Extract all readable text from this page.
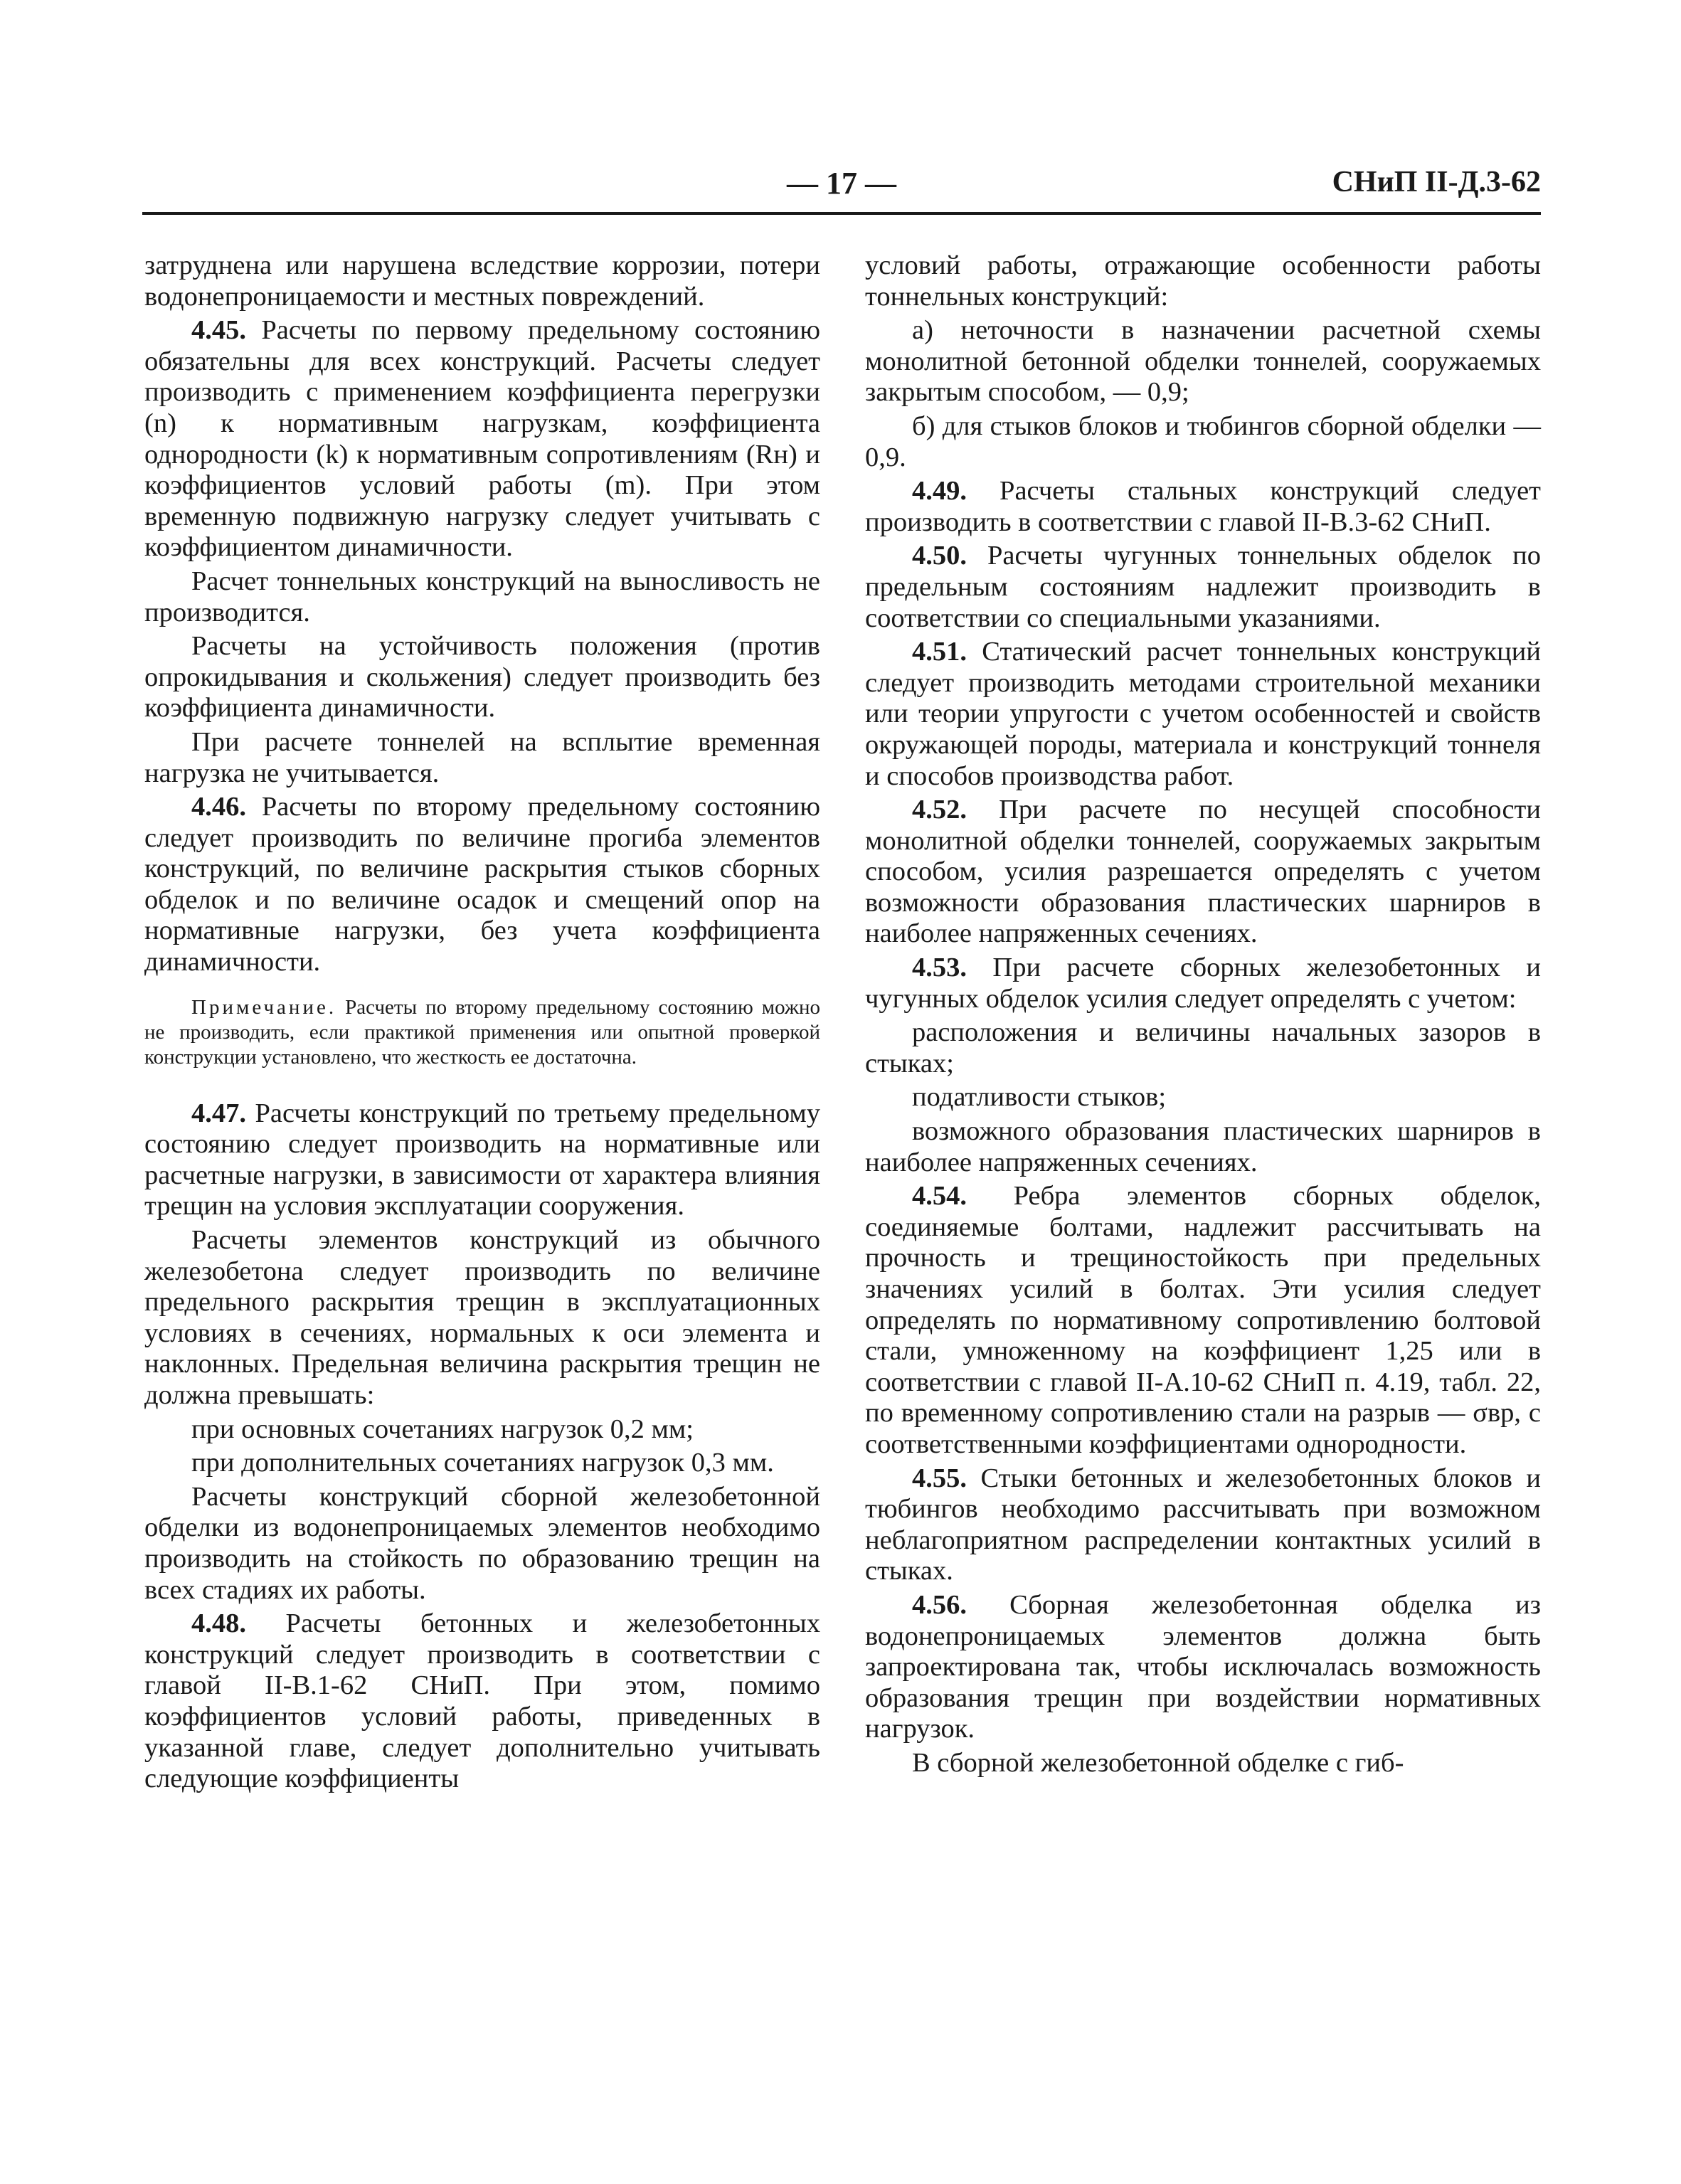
— 17 —	СНиП II-Д.3-62

затруднена или нарушена вследствие коррозии, потери водонепроницаемости и местных повреждений.

4.45. Расчеты по первому предельному состоянию обязательны для всех конструкций. Расчеты следует производить с применением коэффициента перегрузки (n) к нормативным нагрузкам, коэффициента однородности (k) к нормативным сопротивлениям (Rн) и коэффициентов условий работы (m). При этом временную подвижную нагрузку следует учитывать с коэффициентом динамичности.

Расчет тоннельных конструкций на выносливость не производится.

Расчеты на устойчивость положения (против опрокидывания и скольжения) следует производить без коэффициента динамичности.

При расчете тоннелей на всплытие временная нагрузка не учитывается.

4.46. Расчеты по второму предельному состоянию следует производить по величине прогиба элементов конструкций, по величине раскрытия стыков сборных обделок и по величине осадок и смещений опор на нормативные нагрузки, без учета коэффициента динамичности.

Примечание. Расчеты по второму предельному состоянию можно не производить, если практикой применения или опытной проверкой конструкции установлено, что жесткость ее достаточна.

4.47. Расчеты конструкций по третьему предельному состоянию следует производить на нормативные или расчетные нагрузки, в зависимости от характера влияния трещин на условия эксплуатации сооружения.

Расчеты элементов конструкций из обычного железобетона следует производить по величине предельного раскрытия трещин в эксплуатационных условиях в сечениях, нормальных к оси элемента и наклонных. Предельная величина раскрытия трещин не должна превышать:

при основных сочетаниях нагрузок 0,2 мм;

при дополнительных сочетаниях нагрузок 0,3 мм.

Расчеты конструкций сборной железобетонной обделки из водонепроницаемых элементов необходимо производить на стойкость по образованию трещин на всех стадиях их работы.

4.48. Расчеты бетонных и железобетонных конструкций следует производить в соответствии с главой II-В.1-62 СНиП. При этом, помимо коэффициентов условий работы, приведенных в указанной главе, следует дополнительно учитывать следующие коэффициенты

условий работы, отражающие особенности работы тоннельных конструкций:

а) неточности в назначении расчетной схемы монолитной бетонной обделки тоннелей, сооружаемых закрытым способом, — 0,9;

б) для стыков блоков и тюбингов сборной обделки — 0,9.

4.49. Расчеты стальных конструкций следует производить в соответствии с главой II-В.3-62 СНиП.

4.50. Расчеты чугунных тоннельных обделок по предельным состояниям надлежит производить в соответствии со специальными указаниями.

4.51. Статический расчет тоннельных конструкций следует производить методами строительной механики или теории упругости с учетом особенностей и свойств окружающей породы, материала и конструкций тоннеля и способов производства работ.

4.52. При расчете по несущей способности монолитной обделки тоннелей, сооружаемых закрытым способом, усилия разрешается определять с учетом возможности образования пластических шарниров в наиболее напряженных сечениях.

4.53. При расчете сборных железобетонных и чугунных обделок усилия следует определять с учетом:

расположения и величины начальных зазоров в стыках;

податливости стыков;

возможного образования пластических шарниров в наиболее напряженных сечениях.

4.54. Ребра элементов сборных обделок, соединяемые болтами, надлежит рассчитывать на прочность и трещиностойкость при предельных значениях усилий в болтах. Эти усилия следует определять по нормативному сопротивлению болтовой стали, умноженному на коэффициент 1,25 или в соответствии с главой II-А.10-62 СНиП п. 4.19, табл. 22, по временному сопротивлению стали на разрыв — σвр, с соответственными коэффициентами однородности.

4.55. Стыки бетонных и железобетонных блоков и тюбингов необходимо рассчитывать при возможном неблагоприятном распределении контактных усилий в стыках.

4.56. Сборная железобетонная обделка из водонепроницаемых элементов должна быть запроектирована так, чтобы исключалась возможность образования трещин при воздействии нормативных нагрузок.

В сборной железобетонной обделке с гиб-
